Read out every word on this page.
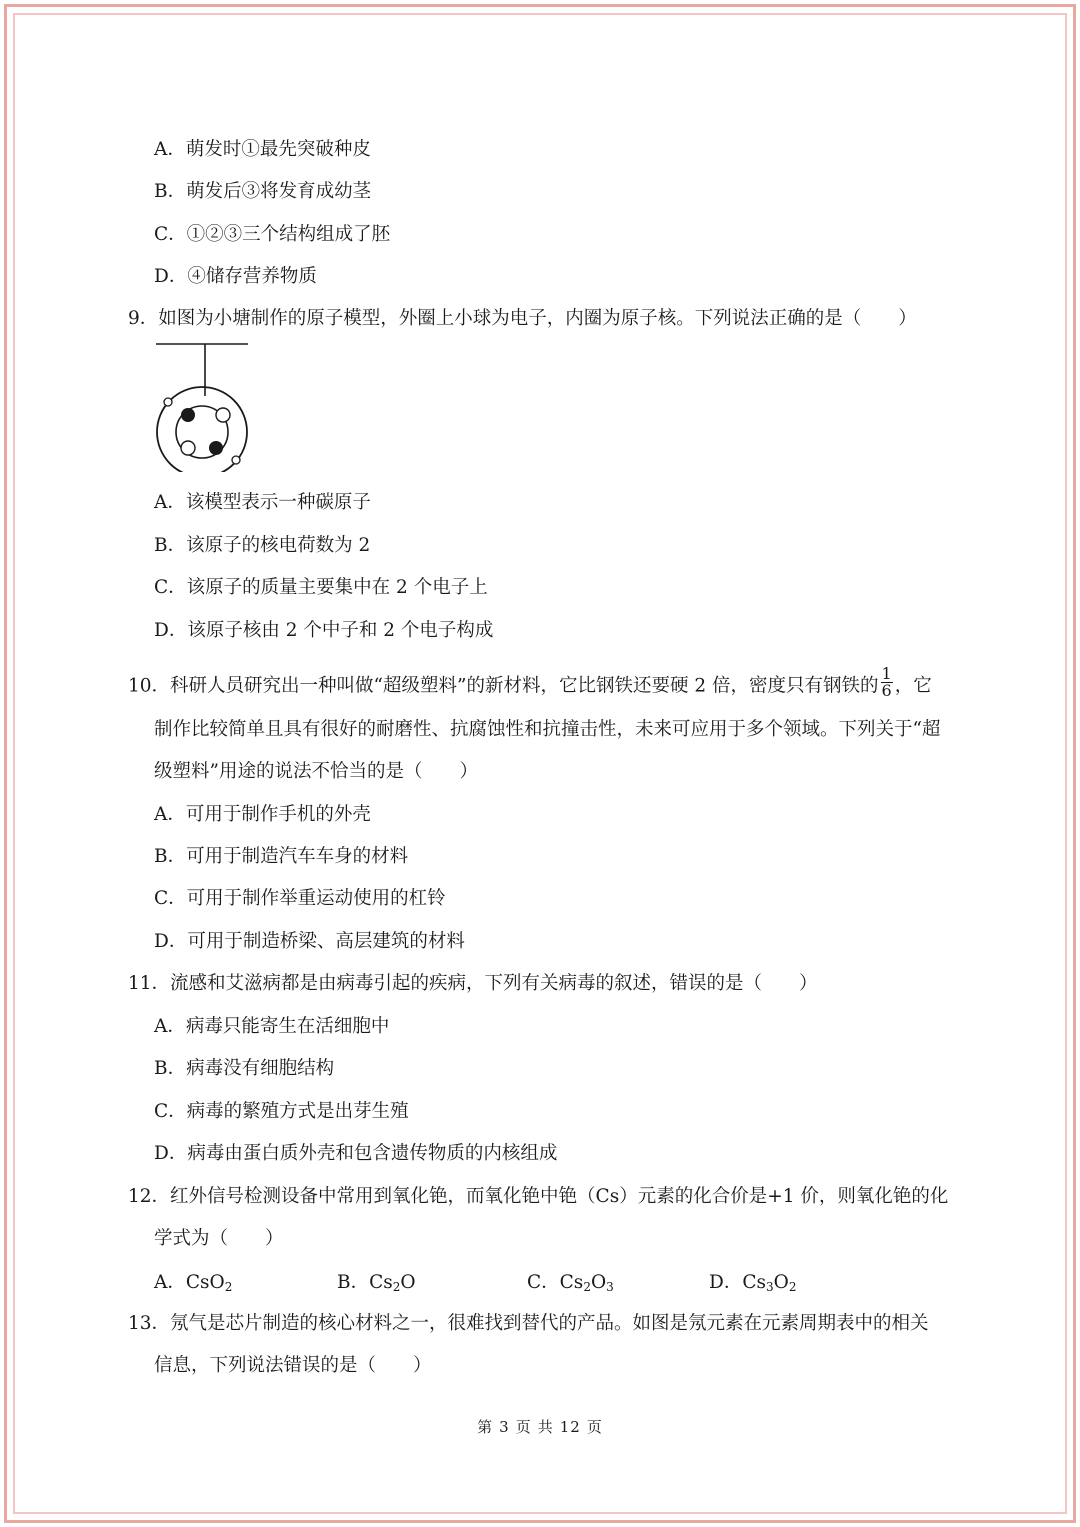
A．萌发时①最先突破种皮
B．萌发后③将发育成幼茎
C．①②③三个结构组成了胚
D．④储存营养物质
9．如图为小塘制作的原子模型，外圈上小球为电子，内圈为原子核。下列说法正确的是（　　）
A．该模型表示一种碳原子
B．该原子的核电荷数为 2
C．该原子的质量主要集中在 2 个电子上
D．该原子核由 2 个中子和 2 个电子构成
10．科研人员研究出一种叫做“超级塑料”的新材料，它比钢铁还要硬 2 倍，密度只有钢铁的 $\frac{1}{6}$ ，它
制作比较简单且具有很好的耐磨性、抗腐蚀性和抗撞击性，未来可应用于多个领域。下列关于“超
级塑料”用途的说法不恰当的是（　　）
A．可用于制作手机的外壳
B．可用于制造汽车车身的材料
C．可用于制作举重运动使用的杠铃
D．可用于制造桥梁、高层建筑的材料
11．流感和艾滋病都是由病毒引起的疾病，下列有关病毒的叙述，错误的是（　　）
A．病毒只能寄生在活细胞中
B．病毒没有细胞结构
C．病毒的繁殖方式是出芽生殖
D．病毒由蛋白质外壳和包含遗传物质的内核组成
12．红外信号检测设备中常用到氧化铯，而氧化铯中铯（Cs）元素的化合价是+1 价，则氧化铯的化
学式为（　　）
A．CsO$_2$	B．$Cs_2O$	C．$Cs_2O_3$	D．$Cs_3O_2$
13．氖气是芯片制造的核心材料之一，很难找到替代的产品。如图是氖元素在元素周期表中的相关
信息，下列说法错误的是（　　）
第 3 页 共 12 页
